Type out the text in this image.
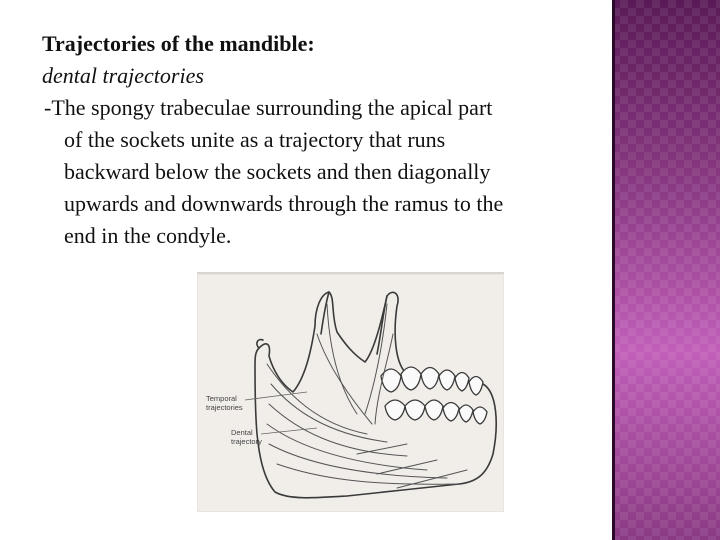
Trajectories of the mandible:

dental trajectories

-The spongy trabeculae surrounding the apical part
of the sockets unite as a trajectory that runs
backward below the sockets and then diagonally
upwards and downwards through the ramus to the
end in the condyle.

Temporal
trajectories
Dental
trajectory
